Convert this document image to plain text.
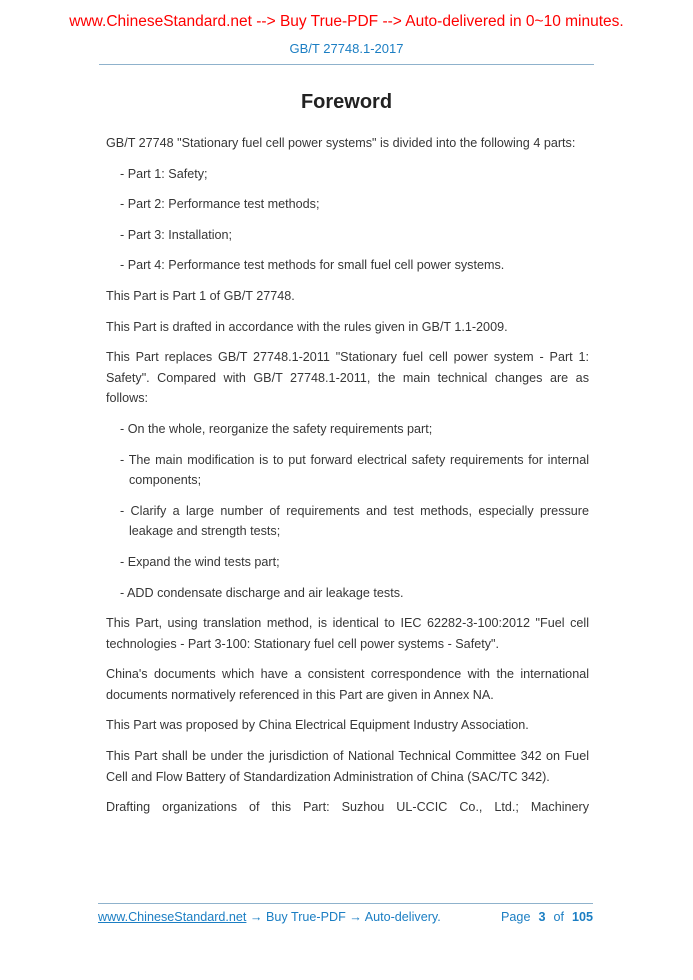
www.ChineseStandard.net --> Buy True-PDF --> Auto-delivered in 0~10 minutes.
GB/T 27748.1-2017
Foreword
GB/T 27748 "Stationary fuel cell power systems" is divided into the following 4 parts:
- Part 1: Safety;
- Part 2: Performance test methods;
- Part 3: Installation;
- Part 4: Performance test methods for small fuel cell power systems.
This Part is Part 1 of GB/T 27748.
This Part is drafted in accordance with the rules given in GB/T 1.1-2009.
This Part replaces GB/T 27748.1-2011 "Stationary fuel cell power system - Part 1: Safety". Compared with GB/T 27748.1-2011, the main technical changes are as follows:
- On the whole, reorganize the safety requirements part;
- The main modification is to put forward electrical safety requirements for internal components;
- Clarify a large number of requirements and test methods, especially pressure leakage and strength tests;
- Expand the wind tests part;
- ADD condensate discharge and air leakage tests.
This Part, using translation method, is identical to IEC 62282-3-100:2012 "Fuel cell technologies - Part 3-100: Stationary fuel cell power systems - Safety".
China's documents which have a consistent correspondence with the international documents normatively referenced in this Part are given in Annex NA.
This Part was proposed by China Electrical Equipment Industry Association.
This Part shall be under the jurisdiction of National Technical Committee 342 on Fuel Cell and Flow Battery of Standardization Administration of China (SAC/TC 342).
Drafting organizations of this Part: Suzhou UL-CCIC Co., Ltd.; Machinery
www.ChineseStandard.net → Buy True-PDF → Auto-delivery.	Page 3 of 105
